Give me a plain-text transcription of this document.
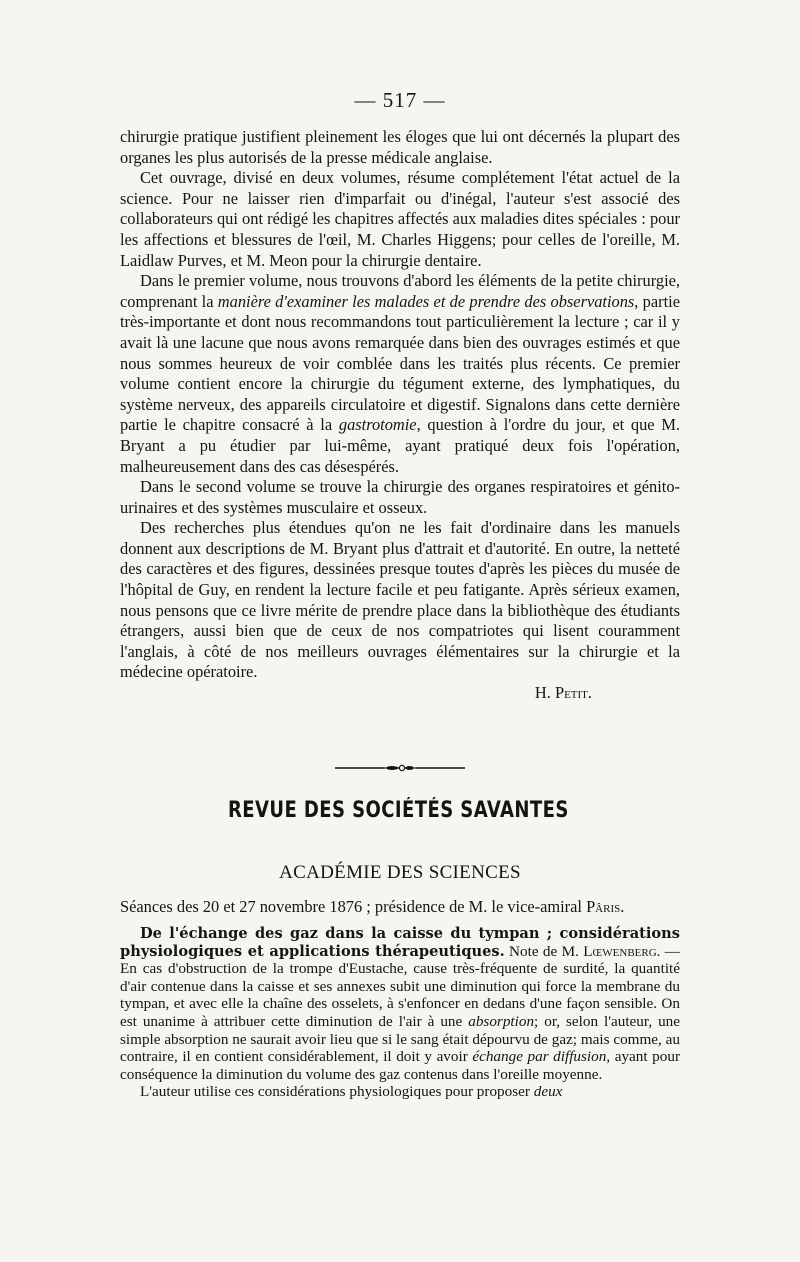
— 517 —

chirurgie pratique justifient pleinement les éloges que lui ont décernés la plupart des organes les plus autorisés de la presse médicale anglaise.

Cet ouvrage, divisé en deux volumes, résume complétement l'état actuel de la science. Pour ne laisser rien d'imparfait ou d'inégal, l'auteur s'est associé des collaborateurs qui ont rédigé les chapitres affectés aux maladies dites spéciales : pour les affections et blessures de l'œil, M. Charles Higgens; pour celles de l'oreille, M. Laidlaw Purves, et M. Meon pour la chirurgie dentaire.

Dans le premier volume, nous trouvons d'abord les éléments de la petite chirurgie, comprenant la manière d'examiner les malades et de prendre des observations, partie très-importante et dont nous recommandons tout particulièrement la lecture ; car il y avait là une lacune que nous avons remarquée dans bien des ouvrages estimés et que nous sommes heureux de voir comblée dans les traités plus récents. Ce premier volume contient encore la chirurgie du tégument externe, des lymphatiques, du système nerveux, des appareils circulatoire et digestif. Signalons dans cette dernière partie le chapitre consacré à la gastrotomie, question à l'ordre du jour, et que M. Bryant a pu étudier par lui-même, ayant pratiqué deux fois l'opération, malheureusement dans des cas désespérés.

Dans le second volume se trouve la chirurgie des organes respiratoires et génito-urinaires et des systèmes musculaire et osseux.

Des recherches plus étendues qu'on ne les fait d'ordinaire dans les manuels donnent aux descriptions de M. Bryant plus d'attrait et d'autorité. En outre, la netteté des caractères et des figures, dessinées presque toutes d'après les pièces du musée de l'hôpital de Guy, en rendent la lecture facile et peu fatigante. Après sérieux examen, nous pensons que ce livre mérite de prendre place dans la bibliothèque des étudiants étrangers, aussi bien que de ceux de nos compatriotes qui lisent couramment l'anglais, à côté de nos meilleurs ouvrages élémentaires sur la chirurgie et la médecine opératoire.

H. Petit.
REVUE DES SOCIÉTÉS SAVANTES
ACADÉMIE DES SCIENCES
Séances des 20 et 27 novembre 1876 ; présidence de M. le vice-amiral Pâris.

De l'échange des gaz dans la caisse du tympan ; considérations physiologiques et applications thérapeutiques. Note de M. Lœwenberg. — En cas d'obstruction de la trompe d'Eustache, cause très-fréquente de surdité, la quantité d'air contenue dans la caisse et ses annexes subit une diminution qui force la membrane du tympan, et avec elle la chaîne des osselets, à s'enfoncer en dedans d'une façon sensible. On est unanime à attribuer cette diminution de l'air à une absorption; or, selon l'auteur, une simple absorption ne saurait avoir lieu que si le sang était dépourvu de gaz; mais comme, au contraire, il en contient considérablement, il doit y avoir échange par diffusion, ayant pour conséquence la diminution du volume des gaz contenus dans l'oreille moyenne.

L'auteur utilise ces considérations physiologiques pour proposer deux
